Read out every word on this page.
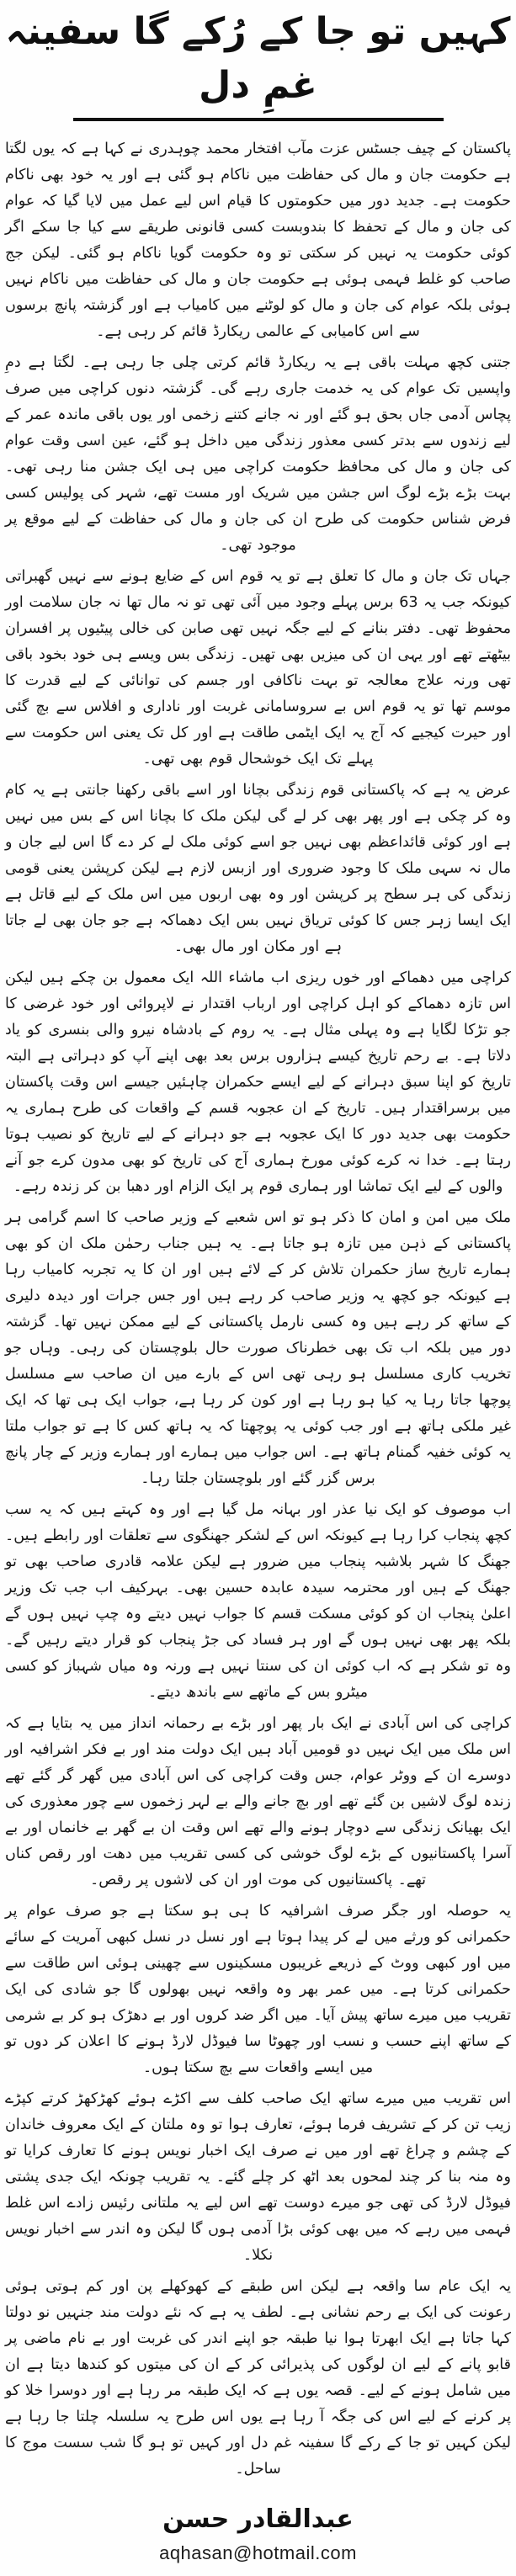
کہیں تو جا کے رُکے گا سفینہ غمِ دل

پاکستان کے چیف جسٹس عزت مآب افتخار محمد چوہدری نے کہا ہے کہ یوں لگتا ہے حکومت جان و مال کی حفاظت میں ناکام ہو گئی ہے اور یہ خود بھی ناکام حکومت ہے۔ جدید دور میں حکومتوں کا قیام اس لیے عمل میں لایا گیا کہ عوام کی جان و مال کے تحفظ کا بندوبست کسی قانونی طریقے سے کیا جا سکے اگر کوئی حکومت یہ نہیں کر سکتی تو وہ حکومت گویا ناکام ہو گئی۔ لیکن جج صاحب کو غلط فہمی ہوئی ہے حکومت جان و مال کی حفاظت میں ناکام نہیں ہوئی بلکہ عوام کی جان و مال کو لوٹنے میں کامیاب ہے اور گزشتہ پانچ برسوں سے اس کامیابی کے عالمی ریکارڈ قائم کر رہی ہے۔

جتنی کچھ مہلت باقی ہے یہ ریکارڈ قائم کرتی چلی جا رہی ہے۔ لگتا ہے دمِ واپسیں تک عوام کی یہ خدمت جاری رہے گی۔ گزشتہ دنوں کراچی میں صرف پچاس آدمی جاں بحق ہو گئے اور نہ جانے کتنے زخمی اور یوں باقی ماندہ عمر کے لیے زندوں سے بدتر کسی معذور زندگی میں داخل ہو گئے، عین اسی وقت عوام کی جان و مال کی محافظ حکومت کراچی میں ہی ایک جشن منا رہی تھی۔ بہت بڑے بڑے لوگ اس جشن میں شریک اور مست تھے، شہر کی پولیس کسی فرض شناس حکومت کی طرح ان کی جان و مال کی حفاظت کے لیے موقع پر موجود تھی۔

جہاں تک جان و مال کا تعلق ہے تو یہ قوم اس کے ضایع ہونے سے نہیں گھبراتی کیونکہ جب یہ 63 برس پہلے وجود میں آئی تھی تو نہ مال تھا نہ جان سلامت اور محفوظ تھی۔ دفتر بنانے کے لیے جگہ نہیں تھی صابن کی خالی پیٹیوں پر افسران بیٹھتے تھے اور یہی ان کی میزیں بھی تھیں۔ زندگی بس ویسے ہی خود بخود باقی تھی ورنہ علاج معالجہ تو بہت ناکافی اور جسم کی توانائی کے لیے قدرت کا موسم تھا تو یہ قوم اس بے سروسامانی غربت اور ناداری و افلاس سے بچ گئی اور حیرت کیجیے کہ آج یہ ایک ایٹمی طاقت ہے اور کل تک یعنی اس حکومت سے پہلے تک ایک خوشحال قوم بھی تھی۔

عرض یہ ہے کہ پاکستانی قوم زندگی بچانا اور اسے باقی رکھنا جانتی ہے یہ کام وہ کر چکی ہے اور پھر بھی کر لے گی لیکن ملک کا بچانا اس کے بس میں نہیں ہے اور کوئی قائداعظم بھی نہیں جو اسے کوئی ملک لے کر دے گا اس لیے جان و مال نہ سہی ملک کا وجود ضروری اور ازبس لازم ہے لیکن کرپشن یعنی قومی زندگی کی ہر سطح پر کرپشن اور وہ بھی اربوں میں اس ملک کے لیے قاتل ہے ایک ایسا زہر جس کا کوئی تریاق نہیں بس ایک دھماکہ ہے جو جان بھی لے جاتا ہے اور مکان اور مال بھی۔

کراچی میں دھماکے اور خوں ریزی اب ماشاء اللہ ایک معمول بن چکے ہیں لیکن اس تازہ دھماکے کو اہل کراچی اور ارباب اقتدار نے لاپروائی اور خود غرضی کا جو تڑکا لگایا ہے وہ پہلی مثال ہے۔ یہ روم کے بادشاہ نیرو والی بنسری کو یاد دلاتا ہے۔ بے رحم تاریخ کیسے ہزاروں برس بعد بھی اپنے آپ کو دہراتی ہے البتہ تاریخ کو اپنا سبق دہرانے کے لیے ایسے حکمران چاہئیں جیسے اس وقت پاکستان میں برسراقتدار ہیں۔ تاریخ کے ان عجوبہ قسم کے واقعات کی طرح ہماری یہ حکومت بھی جدید دور کا ایک عجوبہ ہے جو دہرانے کے لیے تاریخ کو نصیب ہوتا رہتا ہے۔ خدا نہ کرے کوئی مورخ ہماری آج کی تاریخ کو بھی مدون کرے جو آنے والوں کے لیے ایک تماشا اور ہماری قوم پر ایک الزام اور دھبا بن کر زندہ رہے۔

ملک میں امن و امان کا ذکر ہو تو اس شعبے کے وزیر صاحب کا اسم گرامی ہر پاکستانی کے ذہن میں تازہ ہو جاتا ہے۔ یہ ہیں جناب رحمٰن ملک ان کو بھی ہمارے تاریخ ساز حکمران تلاش کر کے لائے ہیں اور ان کا یہ تجربہ کامیاب رہا ہے کیونکہ جو کچھ یہ وزیر صاحب کر رہے ہیں اور جس جرات اور دیدہ دلیری کے ساتھ کر رہے ہیں وہ کسی نارمل پاکستانی کے لیے ممکن نہیں تھا۔ گزشتہ دور میں بلکہ اب تک بھی خطرناک صورت حال بلوچستان کی رہی۔ وہاں جو تخریب کاری مسلسل ہو رہی تھی اس کے بارے میں ان صاحب سے مسلسل پوچھا جاتا رہا یہ کیا ہو رہا ہے اور کون کر رہا ہے، جواب ایک ہی تھا کہ ایک غیر ملکی ہاتھ ہے اور جب کوئی یہ پوچھتا کہ یہ ہاتھ کس کا ہے تو جواب ملتا یہ کوئی خفیہ گمنام ہاتھ ہے۔ اس جواب میں ہمارے اور ہمارے وزیر کے چار پانچ برس گزر گئے اور بلوچستان جلتا رہا۔

اب موصوف کو ایک نیا عذر اور بہانہ مل گیا ہے اور وہ کہتے ہیں کہ یہ سب کچھ پنجاب کرا رہا ہے کیونکہ اس کے لشکر جھنگوی سے تعلقات اور رابطے ہیں۔ جھنگ کا شہر بلاشبہ پنجاب میں ضرور ہے لیکن علامہ قادری صاحب بھی تو جھنگ کے ہیں اور محترمہ سیدہ عابدہ حسین بھی۔ بہرکیف اب جب تک وزیر اعلیٰ پنجاب ان کو کوئی مسکت قسم کا جواب نہیں دیتے وہ چپ نہیں ہوں گے بلکہ پھر بھی نہیں ہوں گے اور ہر فساد کی جڑ پنجاب کو قرار دیتے رہیں گے۔ وہ تو شکر ہے کہ اب کوئی ان کی سنتا نہیں ہے ورنہ وہ میاں شہباز کو کسی میٹرو بس کے ماتھے سے باندھ دیتے۔

کراچی کی اس آبادی نے ایک بار پھر اور بڑے بے رحمانہ انداز میں یہ بتایا ہے کہ اس ملک میں ایک نہیں دو قومیں آباد ہیں ایک دولت مند اور بے فکر اشرافیہ اور دوسرے ان کے ووٹر عوام، جس وقت کراچی کی اس آبادی میں گھر گر گئے تھے زندہ لوگ لاشیں بن گئے تھے اور بچ جانے والے بے لہر زخموں سے چور معذوری کی ایک بھیانک زندگی سے دوچار ہونے والے تھے اس وقت ان بے گھر بے خانماں اور بے آسرا پاکستانیوں کے بڑے لوگ خوشی کی کسی تقریب میں دھت اور رقص کناں تھے۔ پاکستانیوں کی موت اور ان کی لاشوں پر رقص۔

یہ حوصلہ اور جگر صرف اشرافیہ کا ہی ہو سکتا ہے جو صرف عوام پر حکمرانی کو ورثے میں لے کر پیدا ہوتا ہے اور نسل در نسل کبھی آمریت کے سائے میں اور کبھی ووٹ کے ذریعے غریبوں مسکینوں سے چھینی ہوئی اس طاقت سے حکمرانی کرتا ہے۔ میں عمر بھر وہ واقعہ نہیں بھولوں گا جو شادی کی ایک تقریب میں میرے ساتھ پیش آیا۔ میں اگر ضد کروں اور بے دھڑک ہو کر بے شرمی کے ساتھ اپنے حسب و نسب اور چھوٹا سا فیوڈل لارڈ ہونے کا اعلان کر دوں تو میں ایسے واقعات سے بچ سکتا ہوں۔

اس تقریب میں میرے ساتھ ایک صاحب کلف سے اکڑے ہوئے کھڑکھڑ کرتے کپڑے زیب تن کر کے تشریف فرما ہوئے، تعارف ہوا تو وہ ملتان کے ایک معروف خاندان کے چشم و چراغ تھے اور میں نے صرف ایک اخبار نویس ہونے کا تعارف کرایا تو وہ منہ بنا کر چند لمحوں بعد اٹھ کر چلے گئے۔ یہ تقریب چونکہ ایک جدی پشتی فیوڈل لارڈ کی تھی جو میرے دوست تھے اس لیے یہ ملتانی رئیس زادے اس غلط فہمی میں رہے کہ میں بھی کوئی بڑا آدمی ہوں گا لیکن وہ اندر سے اخبار نویس نکلا۔

یہ ایک عام سا واقعہ ہے لیکن اس طبقے کے کھوکھلے پن اور کم ہوتی ہوئی رعونت کی ایک بے رحم نشانی ہے۔ لطف یہ ہے کہ نئے دولت مند جنہیں نو دولتا کہا جاتا ہے ایک ابھرتا ہوا نیا طبقہ جو اپنے اندر کی غربت اور بے نام ماضی پر قابو پانے کے لیے ان لوگوں کی پذیرائی کر کے ان کی میتوں کو کندھا دیتا ہے ان میں شامل ہونے کے لیے۔ قصہ یوں ہے کہ ایک طبقہ مر رہا ہے اور دوسرا خلا کو پر کرنے کے لیے اس کی جگہ آ رہا ہے یوں اس طرح یہ سلسلہ چلتا جا رہا ہے لیکن کہیں تو جا کے رکے گا سفینہ غم دل اور کہیں تو ہو گا شب سست موج کا ساحل۔

عبدالقادر حسن
aqhasan@hotmail.com
